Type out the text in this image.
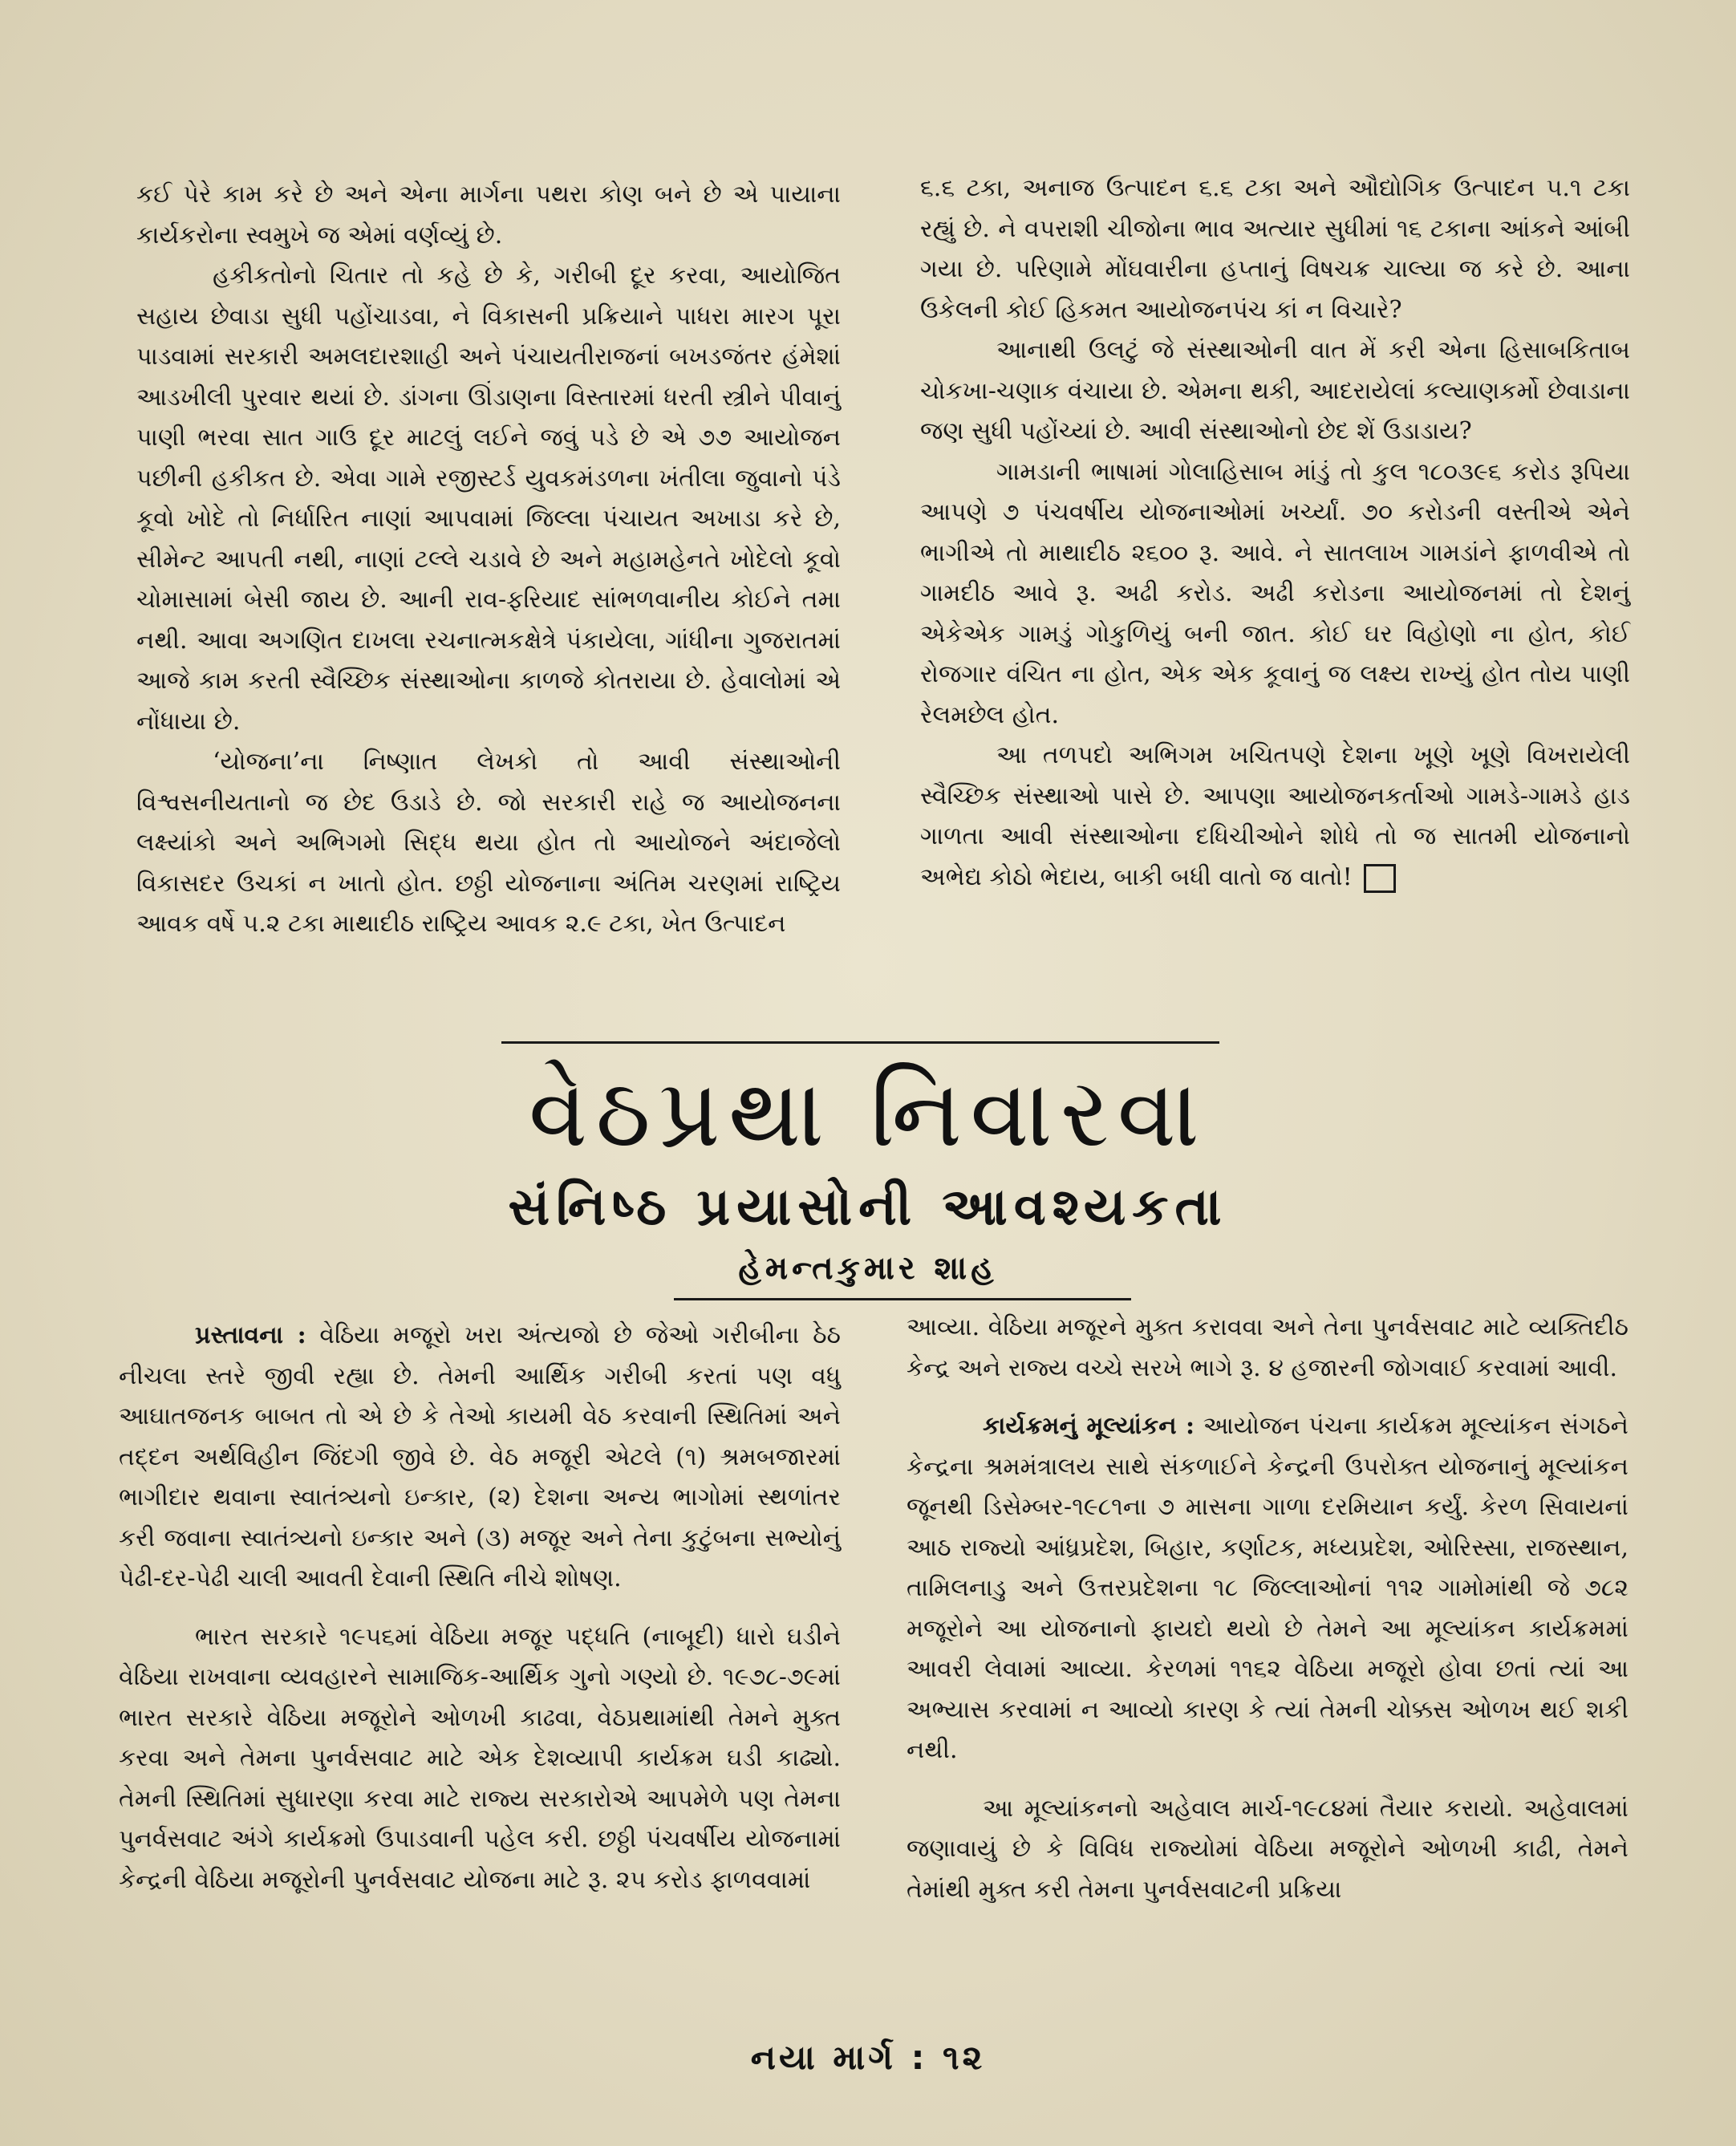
કઈ પેરે કામ કરે છે અને એના માર્ગના પથરા કોણ બને છે એ પાયાના કાર્યકરોના સ્વમુખે જ એમાં વર્ણવ્યું છે.

હકીકતોનો ચિતાર તો કહે છે કે, ગરીબી દૂર કરવા, આયોજિત સહાય છેવાડા સુધી પહોંચાડવા, ને વિકાસની પ્રક્રિયાને પાધરા મારગ પૂરા પાડવામાં સરકારી અમલદારશાહી અને પંચાયતીરાજનાં બખડજંતર હંમેશાં આડખીલી પુરવાર થયાં છે. ડાંગના ઊંડાણના વિસ્તારમાં ધરતી સ્ત્રીને પીવાનું પાણી ભરવા સાત ગાઉ દૂર માટલું લઈને જવું પડે છે એ ૭૭ આયોજન પછીની હકીકત છે. એવા ગામે રજીસ્ટર્ડ યુવકમંડળના ખંતીલા જુવાનો પંડે કૂવો ખોદે તો નિર્ધારિત નાણાં આપવામાં જિલ્લા પંચાયત અખાડા કરે છે, સીમેન્ટ આપતી નથી, નાણાં ટલ્લે ચડાવે છે અને મહામહેનતે ખોદેલો કૂવો ચોમાસામાં બેસી જાય છે. આની રાવ-ફરિયાદ સાંભળવાનીય કોઈને તમા નથી. આવા અગણિત દાખલા રચનાત્મકક્ષેત્રે પંકાયેલા, ગાંધીના ગુજરાતમાં આજે કામ કરતી સ્વૈચ્છિક સંસ્થાઓના કાળજે કોતરાયા છે. હેવાલોમાં એ નોંધાયા છે.

‘યોજના’ના નિષ્ણાત લેખકો તો આવી સંસ્થાઓની વિશ્વસનીયતાનો જ છેદ ઉડાડે છે. જો સરકારી રાહે જ આયોજનના લક્ષ્યાંકો અને અભિગમો સિદ્ધ થયા હોત તો આયોજને અંદાજેલો વિકાસદર ઉચકાં ન ખાતો હોત. છઠ્ઠી યોજનાના અંતિમ ચરણમાં રાષ્ટ્રિય આવક વર્ષે ૫.૨ ટકા માથાદીઠ રાષ્ટ્રિય આવક ૨.૯ ટકા, ખેત ઉત્પાદન

૬.૬ ટકા, અનાજ ઉત્પાદન ૬.૬ ટકા અને ઔદ્યોગિક ઉત્પાદન ૫.૧ ટકા રહ્યું છે. ને વપરાશી ચીજોના ભાવ અત્યાર સુધીમાં ૧૬ ટકાના આંકને આંબી ગયા છે. પરિણામે મોંઘવારીના હપ્તાનું વિષચક્ર ચાલ્યા જ કરે છે. આના ઉકેલની કોઈ હિકમત આયોજનપંચ કાં ન વિચારે?

આનાથી ઉલટું જે સંસ્થાઓની વાત મેં કરી એના હિસાબકિતાબ ચોકખા-ચણાક વંચાયા છે. એમના થકી, આદરાયેલાં કલ્યાણકર્મો છેવાડાના જણ સુધી પહોંચ્યાં છે. આવી સંસ્થાઓનો છેદ શેં ઉડાડાય?

ગામડાની ભાષામાં ગોલાહિસાબ માંડું તો કુલ ૧૮૦૩૯૬ કરોડ રૂપિયા આપણે ૭ પંચવર્ષીય યોજનાઓમાં ખર્ચ્યાં. ૭૦ કરોડની વસ્તીએ એને ભાગીએ તો માથાદીઠ ૨૬૦૦ રૂ. આવે. ને સાતલાખ ગામડાંને ફાળવીએ તો ગામદીઠ આવે રૂ. અઢી કરોડ. અઢી કરોડના આયોજનમાં તો દેશનું એકેએક ગામડું ગોકુળિયું બની જાત. કોઈ ઘર વિહોણો ના હોત, કોઈ રોજગાર વંચિત ના હોત, એક એક કૂવાનું જ લક્ષ્ય રાખ્યું હોત તોય પાણી રેલમછેલ હોત.

આ તળપદો અભિગમ ખચિતપણે દેશના ખૂણે ખૂણે વિખરાયેલી સ્વૈચ્છિક સંસ્થાઓ પાસે છે. આપણા આયોજનકર્તાઓ ગામડે-ગામડે હાડ ગાળતા આવી સંસ્થાઓના દધિચીઓને શોધે તો જ સાતમી યોજનાનો અભેદ્ય કોઠો ભેદાય, બાકી બધી વાતો જ વાતો!

વેઠપ્રથા નિવારવા
સંનિષ્ઠ પ્રયાસોની આવશ્યકતા
હેમન્તકુમાર શાહ

પ્રસ્તાવના : વેઠિયા મજૂરો ખરા અંત્યજો છે જેઓ ગરીબીના ઠેઠ નીચલા સ્તરે જીવી રહ્યા છે. તેમની આર્થિક ગરીબી કરતાં પણ વધુ આઘાતજનક બાબત તો એ છે કે તેઓ કાયમી વેઠ કરવાની સ્થિતિમાં અને તદ્દન અર્થવિહીન જિંદગી જીવે છે. વેઠ મજૂરી એટલે (૧) શ્રમબજારમાં ભાગીદાર થવાના સ્વાતંત્ર્યનો ઇન્કાર, (૨) દેશના અન્ય ભાગોમાં સ્થળાંતર કરી જવાના સ્વાતંત્ર્યનો ઇન્કાર અને (૩) મજૂર અને તેના કુટુંબના સભ્યોનું પેઢી-દર-પેઢી ચાલી આવતી દેવાની સ્થિતિ નીચે શોષણ.

ભારત સરકારે ૧૯૫૬માં વેઠિયા મજૂર પદ્ધતિ (નાબૂદી) ધારો ઘડીને વેઠિયા રાખવાના વ્યવહારને સામાજિક-આર્થિક ગુનો ગણ્યો છે. ૧૯૭૮-૭૯માં ભારત સરકારે વેઠિયા મજૂરોને ઓળખી કાઢવા, વેઠપ્રથામાંથી તેમને મુક્ત કરવા અને તેમના પુનર્વસવાટ માટે એક દેશવ્યાપી કાર્યક્રમ ઘડી કાઢ્યો. તેમની સ્થિતિમાં સુધારણા કરવા માટે રાજ્ય સરકારોએ આપમેળે પણ તેમના પુનર્વસવાટ અંગે કાર્યક્રમો ઉપાડવાની પહેલ કરી. છઠ્ઠી પંચવર્ષીય યોજનામાં કેન્દ્રની વેઠિયા મજૂરોની પુનર્વસવાટ યોજના માટે રૂ. ૨૫ કરોડ ફાળવવામાં

આવ્યા. વેઠિયા મજૂરને મુક્ત કરાવવા અને તેના પુનર્વસવાટ માટે વ્યક્તિદીઠ કેન્દ્ર અને રાજ્ય વચ્ચે સરખે ભાગે રૂ. ૪ હજારની જોગવાઈ કરવામાં આવી.

કાર્યક્રમનું મૂલ્યાંકન : આયોજન પંચના કાર્યક્રમ મૂલ્યાંકન સંગઠને કેન્દ્રના શ્રમમંત્રાલય સાથે સંકળાઈને કેન્દ્રની ઉપરોક્ત યોજનાનું મૂલ્યાંકન જૂનથી ડિસેમ્બર-૧૯૮૧ના ૭ માસના ગાળા દરમિયાન કર્યું. કેરળ સિવાયનાં આઠ રાજ્યો આંધ્રપ્રદેશ, બિહાર, કર્ણાટક, મધ્યપ્રદેશ, ઓરિસ્સા, રાજસ્થાન, તામિલનાડુ અને ઉત્તરપ્રદેશના ૧૮ જિલ્લાઓનાં ૧૧૨ ગામોમાંથી જે ૭૮૨ મજૂરોને આ યોજનાનો ફાયદો થયો છે તેમને આ મૂલ્યાંકન કાર્યક્રમમાં આવરી લેવામાં આવ્યા. કેરળમાં ૧૧૬૨ વેઠિયા મજૂરો હોવા છતાં ત્યાં આ અભ્યાસ કરવામાં ન આવ્યો કારણ કે ત્યાં તેમની ચોક્કસ ઓળખ થઈ શકી નથી.

આ મૂલ્યાંકનનો અહેવાલ માર્ચ-૧૯૮૪માં તૈયાર કરાયો. અહેવાલમાં જણાવાયું છે કે વિવિધ રાજ્યોમાં વેઠિયા મજૂરોને ઓળખી કાઢી, તેમને તેમાંથી મુક્ત કરી તેમના પુનર્વસવાટની પ્રક્રિયા

નયા માર્ગ : ૧૨
